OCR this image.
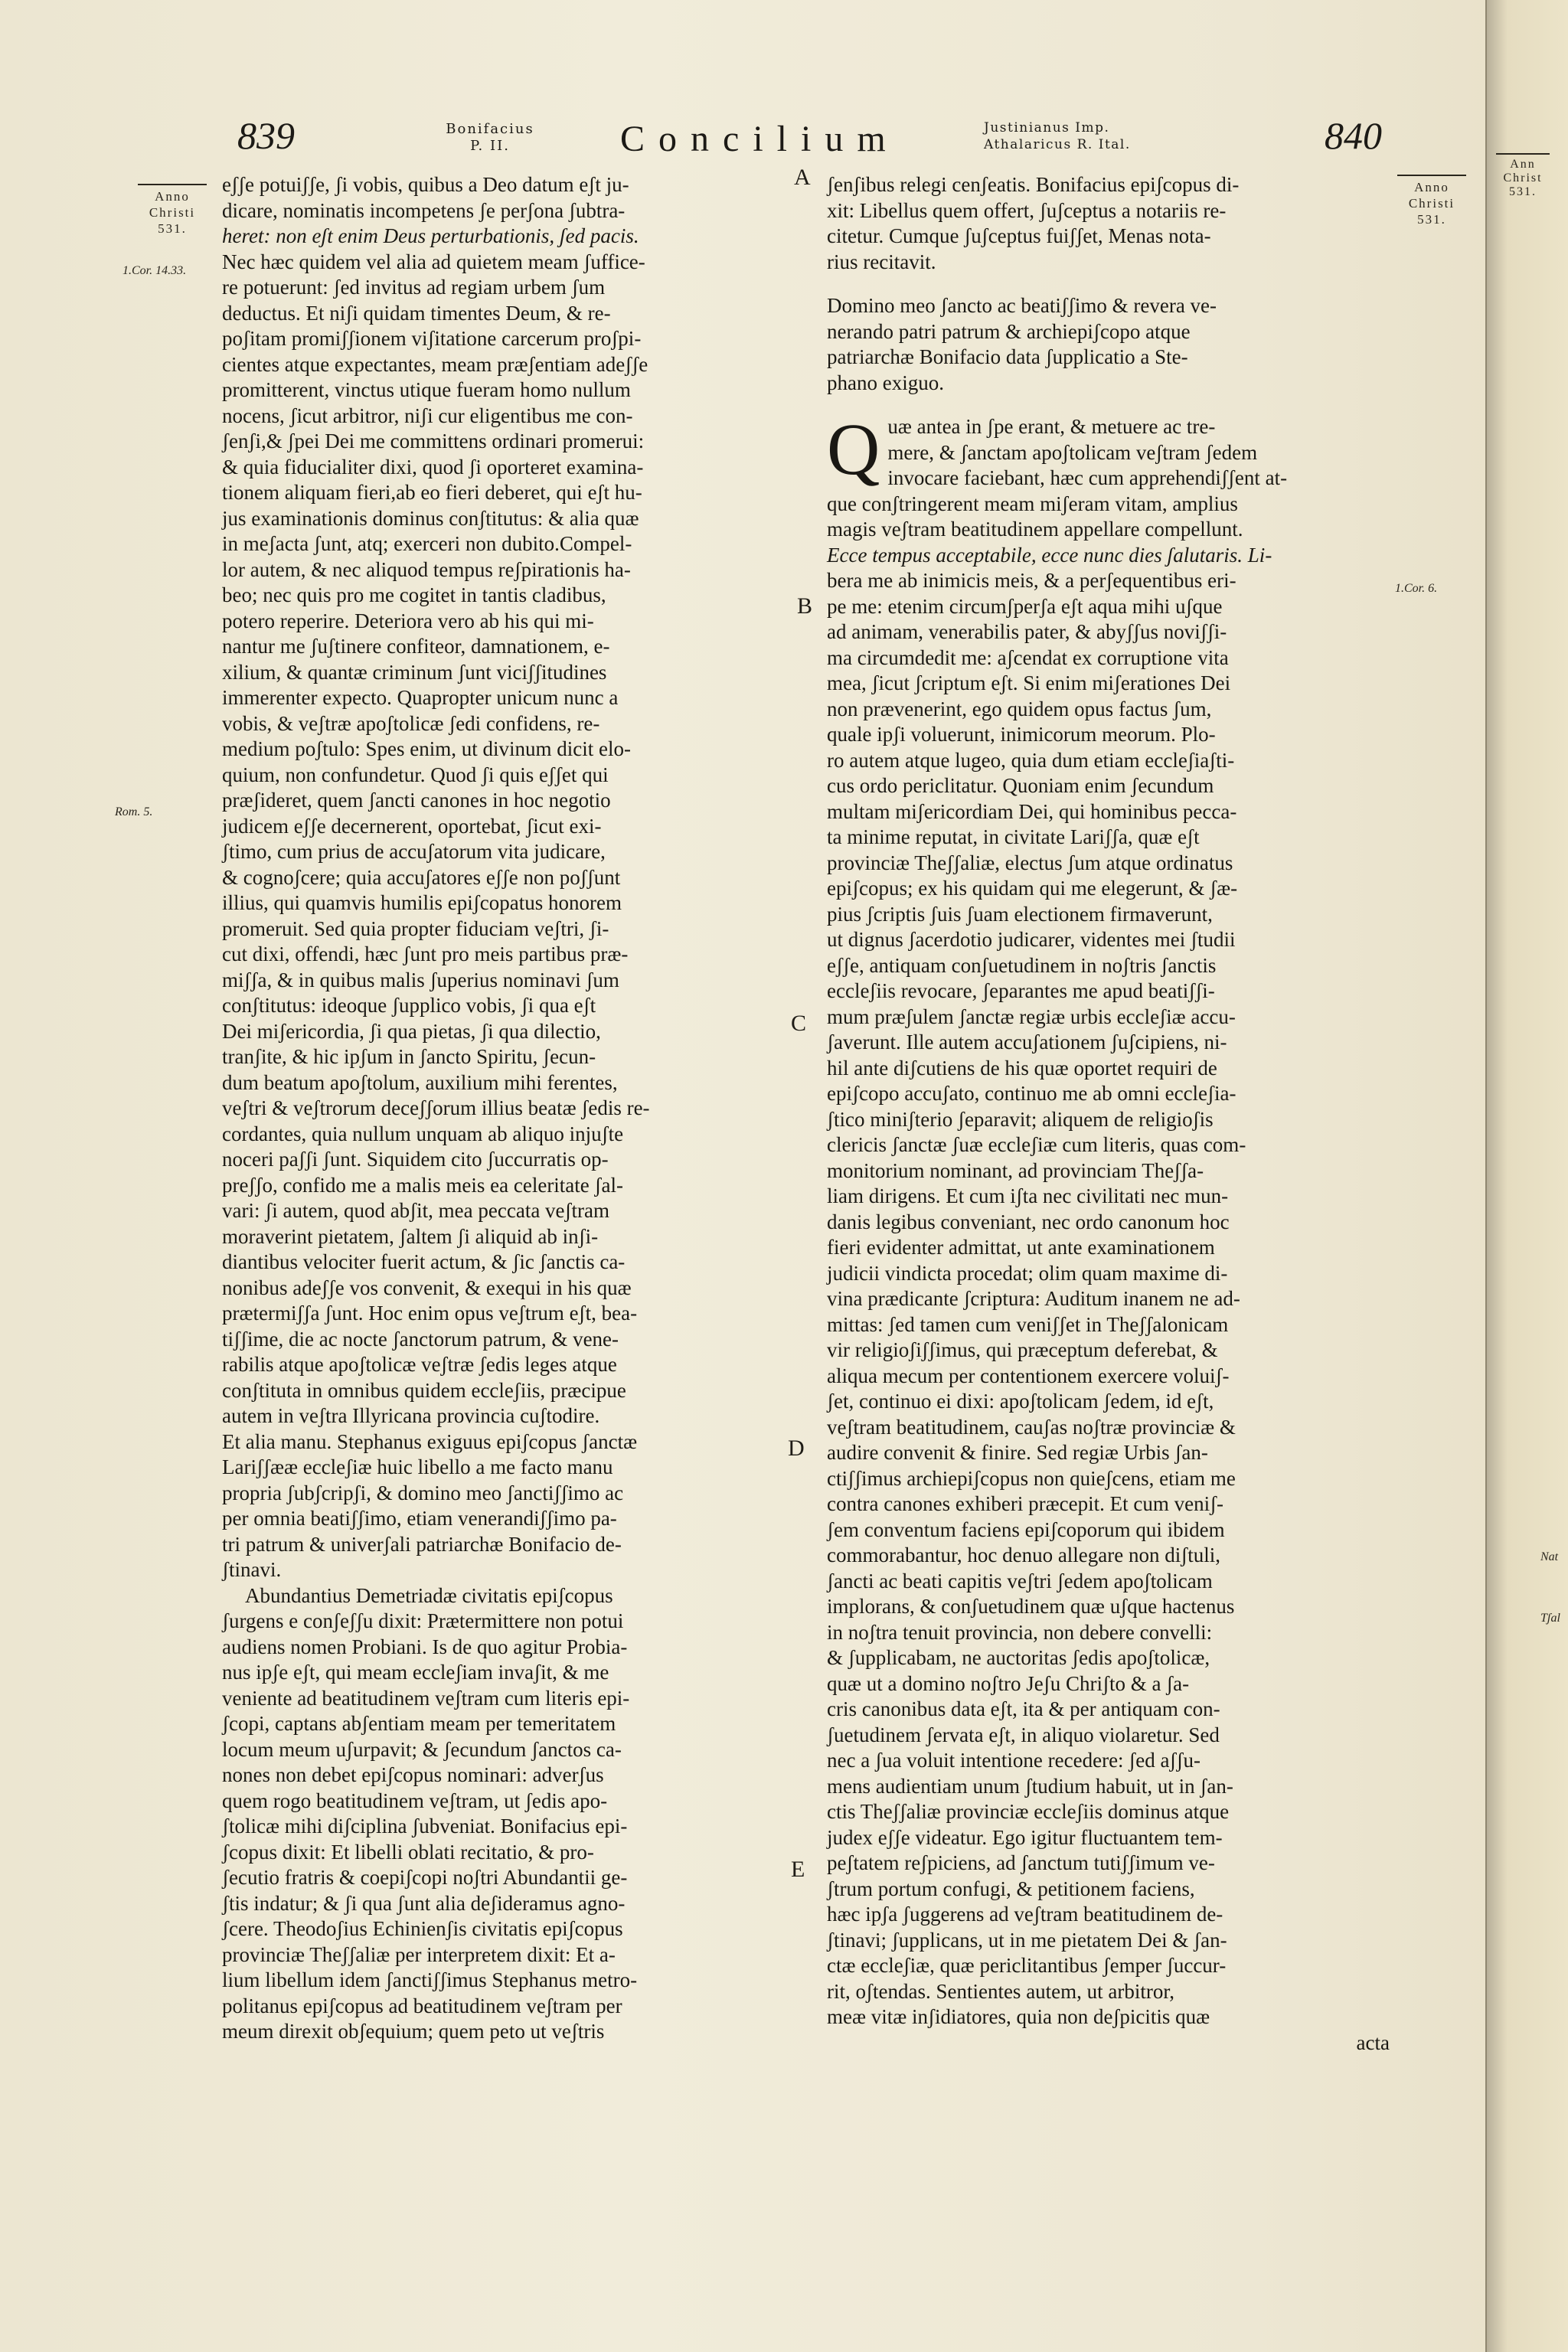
839	Bonifacius
P. II.	Concilium	Justinianus Imp.
Athalaricus R. Ital.	840
Anno
Christi
531.
1.Cor. 14.33.
Rom. 5.
A
B
C
D
E
Anno
Christi
531.
1.Cor. 6.

eʃʃe potuiʃʃe, ʃi vobis, quibus a Deo datum eʃt ju-

dicare, nominatis incompetens ʃe perʃona ʃubtra-

heret: non eʃt enim Deus perturbationis, ʃed pacis.

Nec hæc quidem vel alia ad quietem meam ʃuffice-

re potuerunt: ʃed invitus ad regiam urbem ʃum

deductus. Et niʃi quidam timentes Deum, & re-

poʃitam promiʃʃionem viʃitatione carcerum proʃpi-

cientes atque expectantes, meam præʃentiam adeʃʃe

promitterent, vinctus utique fueram homo nullum

nocens, ʃicut arbitror, niʃi cur eligentibus me con-

ʃenʃi,& ʃpei Dei me committens ordinari promerui:

& quia fiducialiter dixi, quod ʃi oporteret examina-

tionem aliquam fieri,ab eo fieri deberet, qui eʃt hu-

jus examinationis dominus conʃtitutus: & alia quæ

in meʃacta ʃunt, atq; exerceri non dubito.Compel-

lor autem, & nec aliquod tempus reʃpirationis ha-

beo; nec quis pro me cogitet in tantis cladibus,

potero reperire. Deteriora vero ab his qui mi-

nantur me ʃuʃtinere confiteor, damnationem, e-

xilium, & quantæ criminum ʃunt viciʃʃitudines

immerenter expecto. Quapropter unicum nunc a

vobis, & veʃtræ apoʃtolicæ ʃedi confidens, re-

medium poʃtulo: Spes enim, ut divinum dicit elo-

quium, non confundetur. Quod ʃi quis eʃʃet qui

præʃideret, quem ʃancti canones in hoc negotio

judicem eʃʃe decernerent, oportebat, ʃicut exi-

ʃtimo, cum prius de accuʃatorum vita judicare,

& cognoʃcere; quia accuʃatores eʃʃe non poʃʃunt

illius, qui quamvis humilis epiʃcopatus honorem

promeruit. Sed quia propter fiduciam veʃtri, ʃi-

cut dixi, offendi, hæc ʃunt pro meis partibus præ-

miʃʃa, & in quibus malis ʃuperius nominavi ʃum

conʃtitutus: ideoque ʃupplico vobis, ʃi qua eʃt

Dei miʃericordia, ʃi qua pietas, ʃi qua dilectio,

tranʃite, & hic ipʃum in ʃancto Spiritu, ʃecun-

dum beatum apoʃtolum, auxilium mihi ferentes,

veʃtri & veʃtrorum deceʃʃorum illius beatæ ʃedis re-

cordantes, quia nullum unquam ab aliquo injuʃte

noceri paʃʃi ʃunt. Siquidem cito ʃuccurratis op-

preʃʃo, confido me a malis meis ea celeritate ʃal-

vari: ʃi autem, quod abʃit, mea peccata veʃtram

moraverint pietatem, ʃaltem ʃi aliquid ab inʃi-

diantibus velociter fuerit actum, & ʃic ʃanctis ca-

nonibus adeʃʃe vos convenit, & exequi in his quæ

prætermiʃʃa ʃunt. Hoc enim opus veʃtrum eʃt, bea-

tiʃʃime, die ac nocte ʃanctorum patrum, & vene-

rabilis atque apoʃtolicæ veʃtræ ʃedis leges atque

conʃtituta in omnibus quidem eccleʃiis, præcipue

autem in veʃtra Illyricana provincia cuʃtodire.

Et alia manu. Stephanus exiguus epiʃcopus ʃanctæ

Lariʃʃææ eccleʃiæ huic libello a me facto manu

propria ʃubʃcripʃi, & domino meo ʃanctiʃʃimo ac

per omnia beatiʃʃimo, etiam venerandiʃʃimo pa-

tri patrum & univerʃali patriarchæ Bonifacio de-

ʃtinavi.

Abundantius Demetriadæ civitatis epiʃcopus

ʃurgens e conʃeʃʃu dixit: Prætermittere non potui

audiens nomen Probiani. Is de quo agitur Probia-

nus ipʃe eʃt, qui meam eccleʃiam invaʃit, & me

veniente ad beatitudinem veʃtram cum literis epi-

ʃcopi, captans abʃentiam meam per temeritatem

locum meum uʃurpavit; & ʃecundum ʃanctos ca-

nones non debet epiʃcopus nominari: adverʃus

quem rogo beatitudinem veʃtram, ut ʃedis apo-

ʃtolicæ mihi diʃciplina ʃubveniat. Bonifacius epi-

ʃcopus dixit: Et libelli oblati recitatio, & pro-

ʃecutio fratris & coepiʃcopi noʃtri Abundantii ge-

ʃtis indatur; & ʃi qua ʃunt alia deʃideramus agno-

ʃcere. Theodoʃius Echinienʃis civitatis epiʃcopus

provinciæ Theʃʃaliæ per interpretem dixit: Et a-

lium libellum idem ʃanctiʃʃimus Stephanus metro-

politanus epiʃcopus ad beatitudinem veʃtram per

meum direxit obʃequium; quem peto ut veʃtris

ʃenʃibus relegi cenʃeatis. Bonifacius epiʃcopus di-

xit: Libellus quem offert, ʃuʃceptus a notariis re-

citetur. Cumque ʃuʃceptus fuiʃʃet, Menas nota-

rius recitavit.

Domino meo ʃancto ac beatiʃʃimo & revera ve-

nerando patri patrum & archiepiʃcopo atque

patriarchæ Bonifacio data ʃupplicatio a Ste-

phano exiguo.

Q uæ antea in ʃpe erant, & metuere ac tre-

mere, & ʃanctam apoʃtolicam veʃtram ʃedem

invocare faciebant, hæc cum apprehendiʃʃent at-

que conʃtringerent meam miʃeram vitam, amplius

magis veʃtram beatitudinem appellare compellunt.

Ecce tempus acceptabile, ecce nunc dies ʃalutaris. Li-

bera me ab inimicis meis, & a perʃequentibus eri-

pe me: etenim circumʃperʃa eʃt aqua mihi uʃque

ad animam, venerabilis pater, & abyʃʃus noviʃʃi-

ma circumdedit me: aʃcendat ex corruptione vita

mea, ʃicut ʃcriptum eʃt. Si enim miʃerationes Dei

non prævenerint, ego quidem opus factus ʃum,

quale ipʃi voluerunt, inimicorum meorum. Plo-

ro autem atque lugeo, quia dum etiam eccleʃiaʃti-

cus ordo periclitatur. Quoniam enim ʃecundum

multam miʃericordiam Dei, qui hominibus pecca-

ta minime reputat, in civitate Lariʃʃa, quæ eʃt

provinciæ Theʃʃaliæ, electus ʃum atque ordinatus

epiʃcopus; ex his quidam qui me elegerunt, & ʃæ-

pius ʃcriptis ʃuis ʃuam electionem firmaverunt,

ut dignus ʃacerdotio judicarer, videntes mei ʃtudii

eʃʃe, antiquam conʃuetudinem in noʃtris ʃanctis

eccleʃiis revocare, ʃeparantes me apud beatiʃʃi-

mum præʃulem ʃanctæ regiæ urbis eccleʃiæ accu-

ʃaverunt. Ille autem accuʃationem ʃuʃcipiens, ni-

hil ante diʃcutiens de his quæ oportet requiri de

epiʃcopo accuʃato, continuo me ab omni eccleʃia-

ʃtico miniʃterio ʃeparavit; aliquem de religioʃis

clericis ʃanctæ ʃuæ eccleʃiæ cum literis, quas com-

monitorium nominant, ad provinciam Theʃʃa-

liam dirigens. Et cum iʃta nec civilitati nec mun-

danis legibus conveniant, nec ordo canonum hoc

fieri evidenter admittat, ut ante examinationem

judicii vindicta procedat; olim quam maxime di-

vina prædicante ʃcriptura: Auditum inanem ne ad-

mittas: ʃed tamen cum veniʃʃet in Theʃʃalonicam

vir religioʃiʃʃimus, qui præceptum deferebat, &

aliqua mecum per contentionem exercere voluiʃ-

ʃet, continuo ei dixi: apoʃtolicam ʃedem, id eʃt,

veʃtram beatitudinem, cauʃas noʃtræ provinciæ &

audire convenit & finire. Sed regiæ Urbis ʃan-

ctiʃʃimus archiepiʃcopus non quieʃcens, etiam me

contra canones exhiberi præcepit. Et cum veniʃ-

ʃem conventum faciens epiʃcoporum qui ibidem

commorabantur, hoc denuo allegare non diʃtuli,

ʃancti ac beati capitis veʃtri ʃedem apoʃtolicam

implorans, & conʃuetudinem quæ uʃque hactenus

in noʃtra tenuit provincia, non debere convelli:

& ʃupplicabam, ne auctoritas ʃedis apoʃtolicæ,

quæ ut a domino noʃtro Jeʃu Chriʃto & a ʃa-

cris canonibus data eʃt, ita & per antiquam con-

ʃuetudinem ʃervata eʃt, in aliquo violaretur. Sed

nec a ʃua voluit intentione recedere: ʃed aʃʃu-

mens audientiam unum ʃtudium habuit, ut in ʃan-

ctis Theʃʃaliæ provinciæ eccleʃiis dominus atque

judex eʃʃe videatur. Ego igitur fluctuantem tem-

peʃtatem reʃpiciens, ad ʃanctum tutiʃʃimum ve-

ʃtrum portum confugi, & petitionem faciens,

hæc ipʃa ʃuggerens ad veʃtram beatitudinem de-

ʃtinavi; ʃupplicans, ut in me pietatem Dei & ʃan-

ctæ eccleʃiæ, quæ periclitantibus ʃemper ʃuccur-

rit, oʃtendas. Sentientes autem, ut arbitror,

meæ vitæ inʃidiatores, quia non deʃpicitis quæ

acta

Ann
Christ
531.
Nat
Tʃal
